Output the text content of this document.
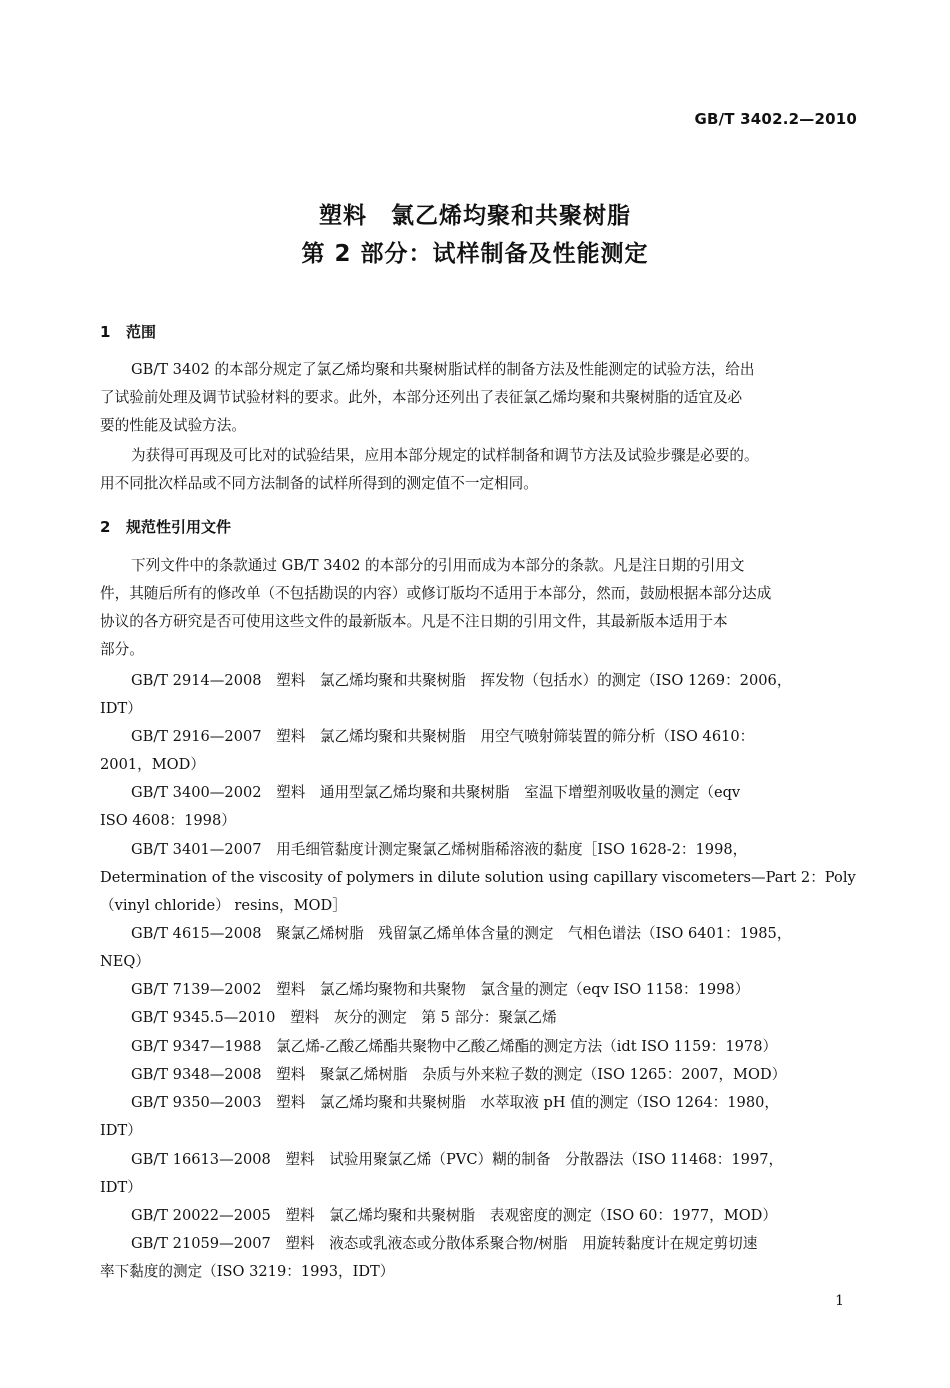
GB/T 3402.2—2010
塑料　氯乙烯均聚和共聚树脂
第 2 部分：试样制备及性能测定
1 范围
GB/T 3402 的本部分规定了氯乙烯均聚和共聚树脂试样的制备方法及性能测定的试验方法，给出
了试验前处理及调节试验材料的要求。此外，本部分还列出了表征氯乙烯均聚和共聚树脂的适宜及必
要的性能及试验方法。
为获得可再现及可比对的试验结果，应用本部分规定的试样制备和调节方法及试验步骤是必要的。
用不同批次样品或不同方法制备的试样所得到的测定值不一定相同。
2 规范性引用文件
下列文件中的条款通过 GB/T 3402 的本部分的引用而成为本部分的条款。凡是注日期的引用文
件，其随后所有的修改单（不包括勘误的内容）或修订版均不适用于本部分，然而，鼓励根据本部分达成
协议的各方研究是否可使用这些文件的最新版本。凡是不注日期的引用文件，其最新版本适用于本
部分。
GB/T 2914—2008　塑料　氯乙烯均聚和共聚树脂　挥发物（包括水）的测定（ISO 1269：2006，
IDT）
GB/T 2916—2007　塑料　氯乙烯均聚和共聚树脂　用空气喷射筛装置的筛分析（ISO 4610：
2001，MOD）
GB/T 3400—2002　塑料　通用型氯乙烯均聚和共聚树脂　室温下增塑剂吸收量的测定（eqv
ISO 4608：1998）
GB/T 3401—2007　用毛细管黏度计测定聚氯乙烯树脂稀溶液的黏度［ISO 1628-2：1998，
Determination of the viscosity of polymers in dilute solution using capillary viscometers—Part 2：Poly
（vinyl chloride） resins，MOD］
GB/T 4615—2008　聚氯乙烯树脂　残留氯乙烯单体含量的测定　气相色谱法（ISO 6401：1985，
NEQ）
GB/T 7139—2002　塑料　氯乙烯均聚物和共聚物　氯含量的测定（eqv ISO 1158：1998）
GB/T 9345.5—2010　塑料　灰分的测定　第 5 部分：聚氯乙烯
GB/T 9347—1988　氯乙烯-乙酸乙烯酯共聚物中乙酸乙烯酯的测定方法（idt ISO 1159：1978）
GB/T 9348—2008　塑料　聚氯乙烯树脂　杂质与外来粒子数的测定（ISO 1265：2007，MOD）
GB/T 9350—2003　塑料　氯乙烯均聚和共聚树脂　水萃取液 pH 值的测定（ISO 1264：1980，
IDT）
GB/T 16613—2008　塑料　试验用聚氯乙烯（PVC）糊的制备　分散器法（ISO 11468：1997，
IDT）
GB/T 20022—2005　塑料　氯乙烯均聚和共聚树脂　表观密度的测定（ISO 60：1977，MOD）
GB/T 21059—2007　塑料　液态或乳液态或分散体系聚合物/树脂　用旋转黏度计在规定剪切速
率下黏度的测定（ISO 3219：1993，IDT）
1
